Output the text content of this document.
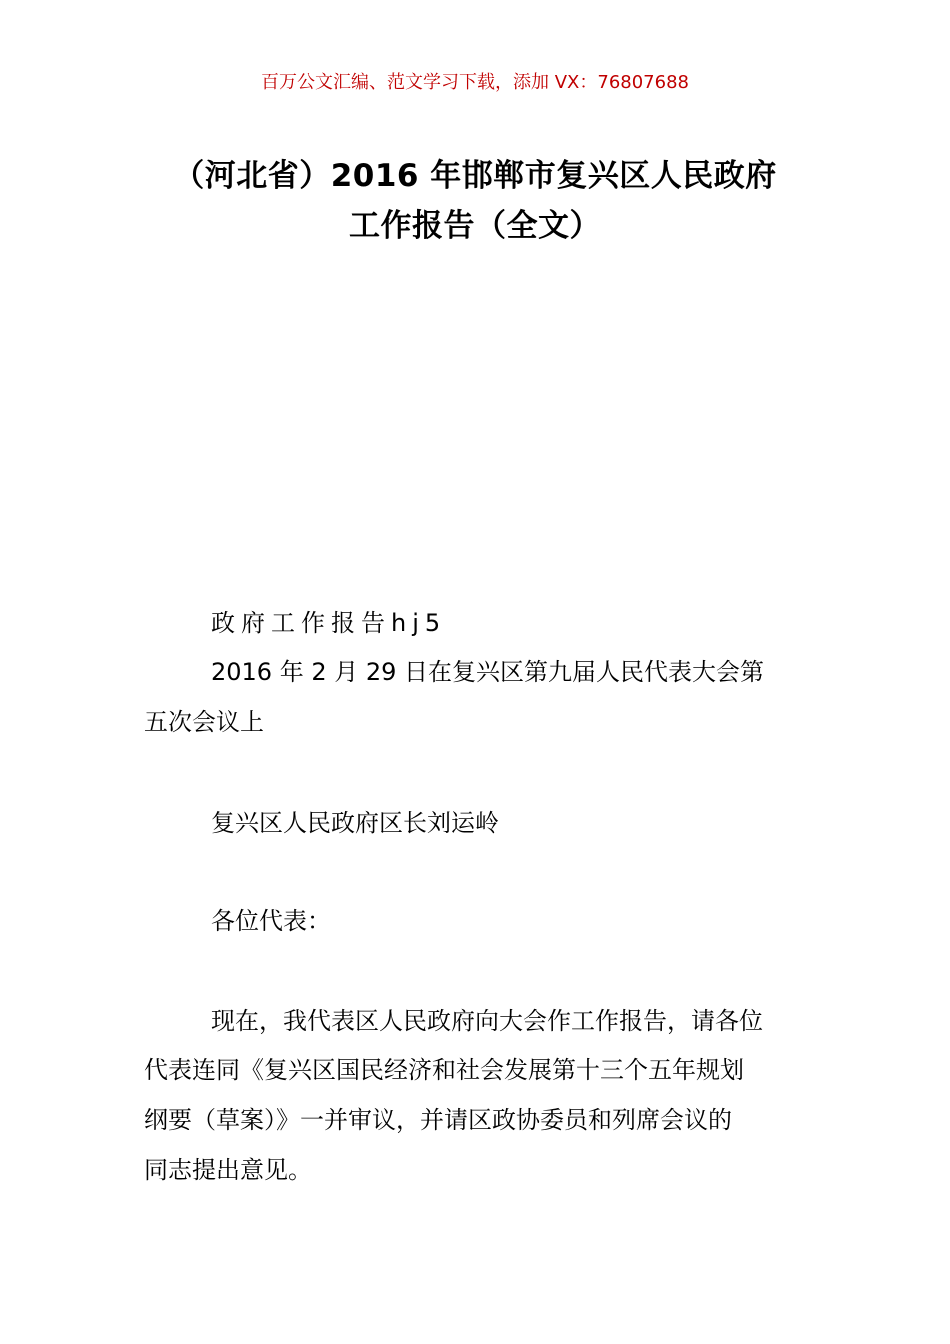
百万公文汇编、范文学习下载，添加 VX：76807688
（河北省）2016 年邯郸市复兴区人民政府
工作报告（全文）
政府工作报告hj5
2016 年 2 月 29 日在复兴区第九届人民代表大会第
五次会议上
复兴区人民政府区长刘运岭
各位代表：
现在，我代表区人民政府向大会作工作报告，请各位
代表连同《复兴区国民经济和社会发展第十三个五年规划
纲要（草案）》一并审议，并请区政协委员和列席会议的
同志提出意见。
